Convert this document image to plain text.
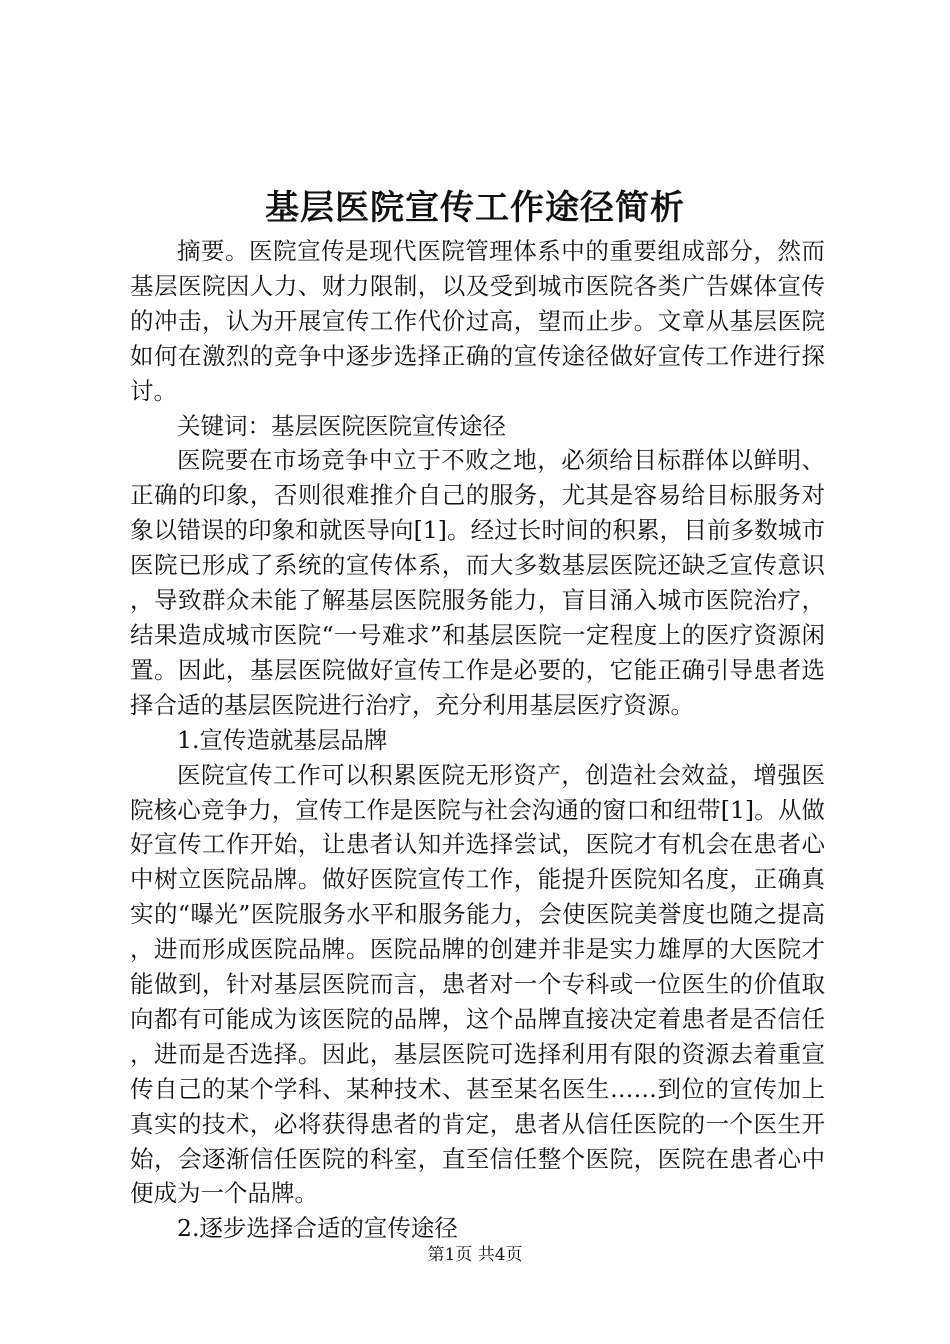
基层医院宣传工作途径简析

摘要。医院宣传是现代医院管理体系中的重要组成部分，然而基层医院因人力、财力限制，以及受到城市医院各类广告媒体宣传的冲击，认为开展宣传工作代价过高，望而止步。文章从基层医院如何在激烈的竞争中逐步选择正确的宣传途径做好宣传工作进行探讨。

关键词：基层医院医院宣传途径

医院要在市场竞争中立于不败之地，必须给目标群体以鲜明、正确的印象，否则很难推介自己的服务，尤其是容易给目标服务对象以错误的印象和就医导向[1]。经过长时间的积累，目前多数城市医院已形成了系统的宣传体系，而大多数基层医院还缺乏宣传意识，导致群众未能了解基层医院服务能力，盲目涌入城市医院治疗，结果造成城市医院“一号难求”和基层医院一定程度上的医疗资源闲置。因此，基层医院做好宣传工作是必要的，它能正确引导患者选择合适的基层医院进行治疗，充分利用基层医疗资源。

1.宣传造就基层品牌

医院宣传工作可以积累医院无形资产，创造社会效益，增强医院核心竞争力，宣传工作是医院与社会沟通的窗口和纽带[1]。从做好宣传工作开始，让患者认知并选择尝试，医院才有机会在患者心中树立医院品牌。做好医院宣传工作，能提升医院知名度，正确真实的“曝光”医院服务水平和服务能力，会使医院美誉度也随之提高，进而形成医院品牌。医院品牌的创建并非是实力雄厚的大医院才能做到，针对基层医院而言，患者对一个专科或一位医生的价值取向都有可能成为该医院的品牌，这个品牌直接决定着患者是否信任，进而是否选择。因此，基层医院可选择利用有限的资源去着重宣传自己的某个学科、某种技术、甚至某名医生……到位的宣传加上真实的技术，必将获得患者的肯定，患者从信任医院的一个医生开始，会逐渐信任医院的科室，直至信任整个医院，医院在患者心中便成为一个品牌。

2.逐步选择合适的宣传途径

第1页 共4页
